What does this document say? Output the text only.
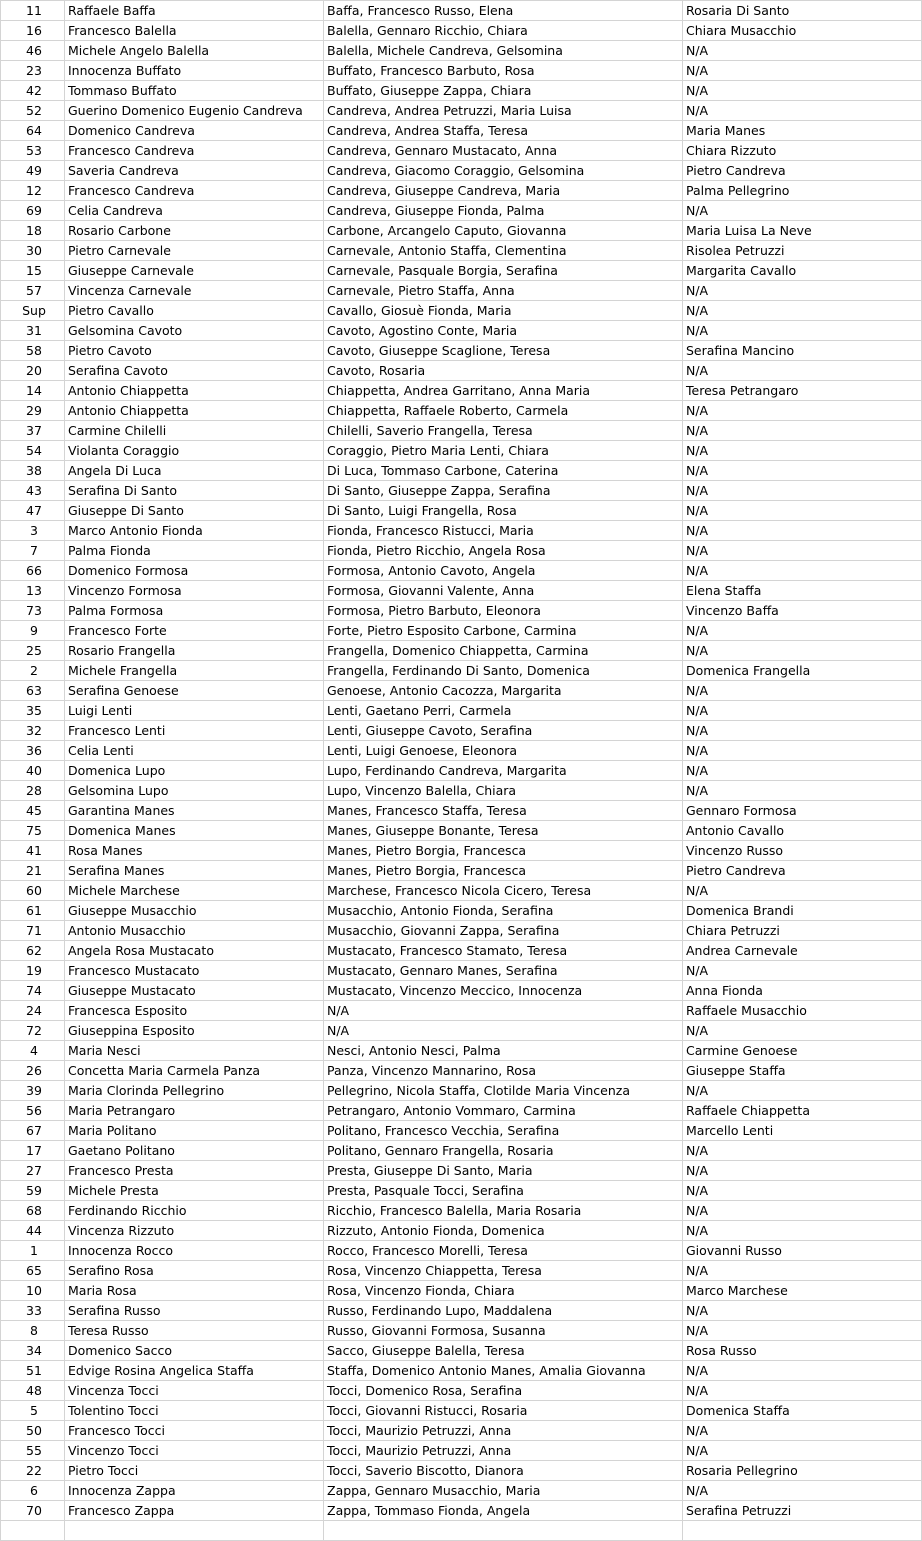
11	Raffaele Baffa	Baffa, Francesco Russo, Elena	Rosaria Di Santo
16	Francesco Balella	Balella, Gennaro Ricchio, Chiara	Chiara Musacchio
46	Michele Angelo Balella	Balella, Michele Candreva, Gelsomina	N/A
23	Innocenza Buffato	Buffato, Francesco Barbuto, Rosa	N/A
42	Tommaso Buffato	Buffato, Giuseppe Zappa, Chiara	N/A
52	Guerino Domenico Eugenio Candreva	Candreva, Andrea Petruzzi, Maria Luisa	N/A
64	Domenico Candreva	Candreva, Andrea Staffa, Teresa	Maria Manes
53	Francesco Candreva	Candreva, Gennaro Mustacato, Anna	Chiara Rizzuto
49	Saveria Candreva	Candreva, Giacomo Coraggio, Gelsomina	Pietro Candreva
12	Francesco Candreva	Candreva, Giuseppe Candreva, Maria	Palma Pellegrino
69	Celia Candreva	Candreva, Giuseppe Fionda, Palma	N/A
18	Rosario Carbone	Carbone, Arcangelo Caputo, Giovanna	Maria Luisa La Neve
30	Pietro Carnevale	Carnevale, Antonio Staffa, Clementina	Risolea Petruzzi
15	Giuseppe Carnevale	Carnevale, Pasquale Borgia, Serafina	Margarita Cavallo
57	Vincenza Carnevale	Carnevale, Pietro Staffa, Anna	N/A
Sup	Pietro Cavallo	Cavallo, Giosuè Fionda, Maria	N/A
31	Gelsomina Cavoto	Cavoto, Agostino Conte, Maria	N/A
58	Pietro Cavoto	Cavoto, Giuseppe Scaglione, Teresa	Serafina Mancino
20	Serafina Cavoto	Cavoto, Rosaria	N/A
14	Antonio Chiappetta	Chiappetta, Andrea Garritano, Anna Maria	Teresa Petrangaro
29	Antonio Chiappetta	Chiappetta, Raffaele Roberto, Carmela	N/A
37	Carmine Chilelli	Chilelli, Saverio Frangella, Teresa	N/A
54	Violanta Coraggio	Coraggio, Pietro Maria Lenti, Chiara	N/A
38	Angela Di Luca	Di Luca, Tommaso Carbone, Caterina	N/A
43	Serafina Di Santo	Di Santo, Giuseppe Zappa, Serafina	N/A
47	Giuseppe Di Santo	Di Santo, Luigi Frangella, Rosa	N/A
3	Marco Antonio Fionda	Fionda, Francesco Ristucci, Maria	N/A
7	Palma Fionda	Fionda, Pietro Ricchio, Angela Rosa	N/A
66	Domenico Formosa	Formosa, Antonio Cavoto, Angela	N/A
13	Vincenzo Formosa	Formosa, Giovanni Valente, Anna	Elena Staffa
73	Palma Formosa	Formosa, Pietro Barbuto, Eleonora	Vincenzo Baffa
9	Francesco Forte	Forte, Pietro Esposito Carbone, Carmina	N/A
25	Rosario Frangella	Frangella, Domenico Chiappetta, Carmina	N/A
2	Michele Frangella	Frangella, Ferdinando Di Santo, Domenica	Domenica Frangella
63	Serafina Genoese	Genoese, Antonio Cacozza, Margarita	N/A
35	Luigi Lenti	Lenti, Gaetano Perri, Carmela	N/A
32	Francesco Lenti	Lenti, Giuseppe Cavoto, Serafina	N/A
36	Celia Lenti	Lenti, Luigi Genoese, Eleonora	N/A
40	Domenica Lupo	Lupo, Ferdinando Candreva, Margarita	N/A
28	Gelsomina Lupo	Lupo, Vincenzo Balella, Chiara	N/A
45	Garantina Manes	Manes, Francesco Staffa, Teresa	Gennaro Formosa
75	Domenica Manes	Manes, Giuseppe Bonante, Teresa	Antonio Cavallo
41	Rosa Manes	Manes, Pietro Borgia, Francesca	Vincenzo Russo
21	Serafina Manes	Manes, Pietro Borgia, Francesca	Pietro Candreva
60	Michele Marchese	Marchese, Francesco Nicola Cicero, Teresa	N/A
61	Giuseppe Musacchio	Musacchio, Antonio Fionda, Serafina	Domenica Brandi
71	Antonio Musacchio	Musacchio, Giovanni Zappa, Serafina	Chiara Petruzzi
62	Angela Rosa Mustacato	Mustacato, Francesco Stamato, Teresa	Andrea Carnevale
19	Francesco Mustacato	Mustacato, Gennaro Manes, Serafina	N/A
74	Giuseppe Mustacato	Mustacato, Vincenzo Meccico, Innocenza	Anna Fionda
24	Francesca Esposito	N/A	Raffaele Musacchio
72	Giuseppina Esposito	N/A	N/A
4	Maria Nesci	Nesci, Antonio Nesci, Palma	Carmine Genoese
26	Concetta Maria Carmela Panza	Panza, Vincenzo Mannarino, Rosa	Giuseppe Staffa
39	Maria Clorinda Pellegrino	Pellegrino, Nicola Staffa, Clotilde Maria Vincenza	N/A
56	Maria Petrangaro	Petrangaro, Antonio Vommaro, Carmina	Raffaele Chiappetta
67	Maria Politano	Politano, Francesco Vecchia, Serafina	Marcello Lenti
17	Gaetano Politano	Politano, Gennaro Frangella, Rosaria	N/A
27	Francesco Presta	Presta, Giuseppe Di Santo, Maria	N/A
59	Michele Presta	Presta, Pasquale Tocci, Serafina	N/A
68	Ferdinando Ricchio	Ricchio, Francesco Balella, Maria Rosaria	N/A
44	Vincenza Rizzuto	Rizzuto, Antonio Fionda, Domenica	N/A
1	Innocenza Rocco	Rocco, Francesco Morelli, Teresa	Giovanni Russo
65	Serafino Rosa	Rosa, Vincenzo Chiappetta, Teresa	N/A
10	Maria Rosa	Rosa, Vincenzo Fionda, Chiara	Marco Marchese
33	Serafina Russo	Russo, Ferdinando Lupo, Maddalena	N/A
8	Teresa Russo	Russo, Giovanni Formosa, Susanna	N/A
34	Domenico Sacco	Sacco, Giuseppe Balella, Teresa	Rosa Russo
51	Edvige Rosina Angelica Staffa	Staffa, Domenico Antonio Manes, Amalia Giovanna	N/A
48	Vincenza Tocci	Tocci, Domenico Rosa, Serafina	N/A
5	Tolentino Tocci	Tocci, Giovanni Ristucci, Rosaria	Domenica Staffa
50	Francesco Tocci	Tocci, Maurizio Petruzzi, Anna	N/A
55	Vincenzo Tocci	Tocci, Maurizio Petruzzi, Anna	N/A
22	Pietro Tocci	Tocci, Saverio Biscotto, Dianora	Rosaria Pellegrino
6	Innocenza Zappa	Zappa, Gennaro Musacchio, Maria	N/A
70	Francesco Zappa	Zappa, Tommaso Fionda, Angela	Serafina Petruzzi
